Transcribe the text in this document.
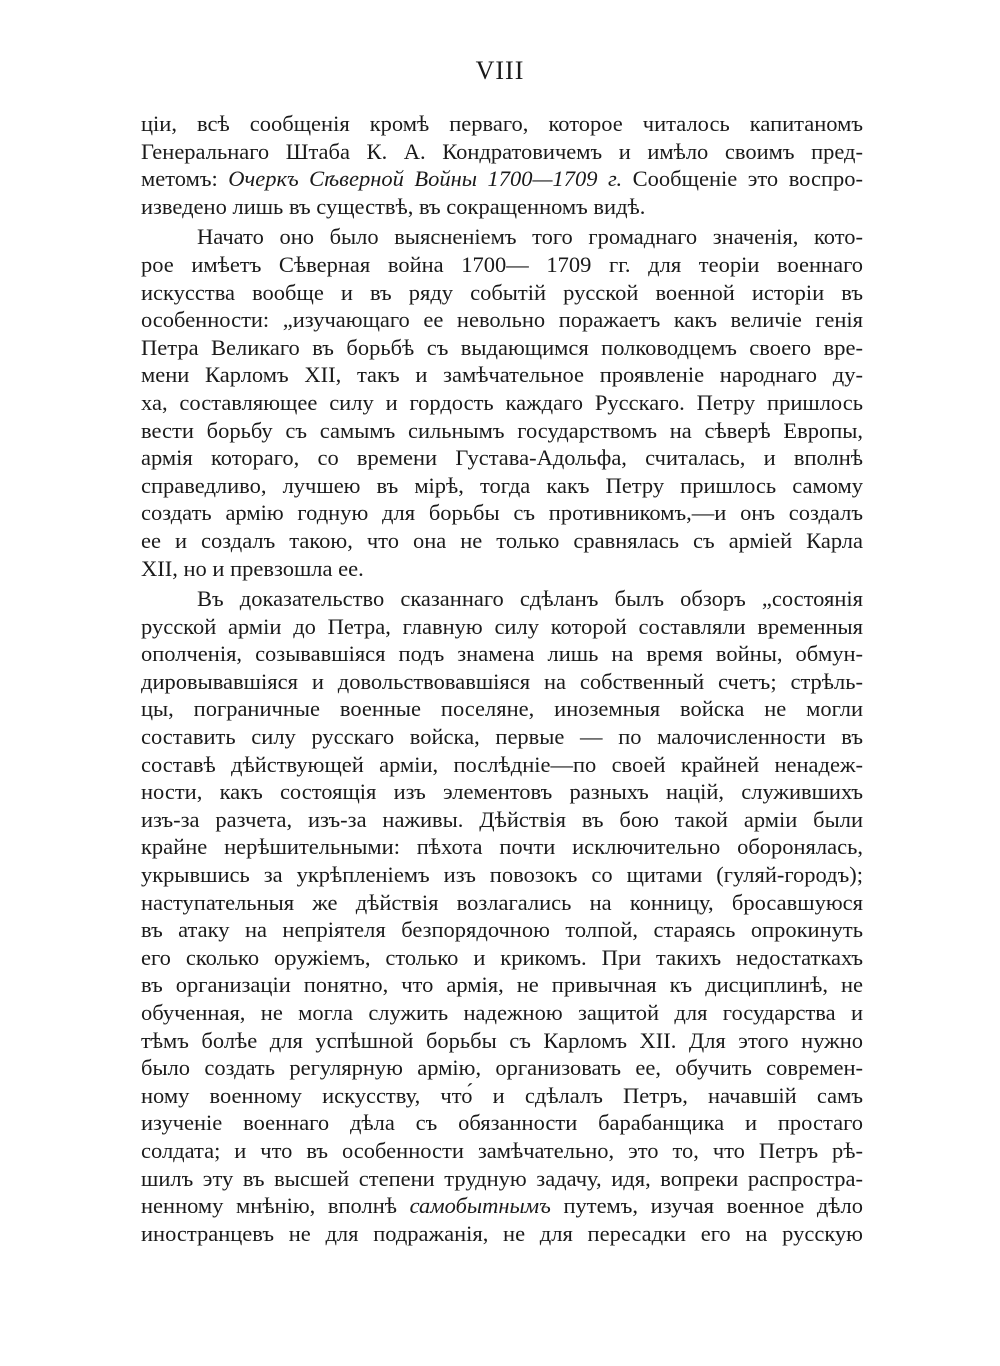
VIII
ціи, всѣ сообщенія кромѣ перваго, которое читалось капитаномъ
Генеральнаго Штаба К. А. Кондратовичемъ и имѣло своимъ пред-
метомъ: Очеркъ Сѣверной Войны 1700—1709 г. Сообщеніе это воспро-
изведено лишь въ существѣ, въ сокращенномъ видѣ.
Начато оно было выясненіемъ того громаднаго значенія, кото-
рое имѣетъ Сѣверная война 1700— 1709 гг. для теоріи военнаго
искусства вообще и въ ряду событій русской военной исторіи въ
особенности: „изучающаго ее невольно поражаетъ какъ величіе генія
Петра Великаго въ борьбѣ съ выдающимся полководцемъ своего вре-
мени Карломъ XII, такъ и замѣчательное проявленіе народнаго ду-
ха, составляющее силу и гордость каждаго Русскаго. Петру пришлось
вести борьбу съ самымъ сильнымъ государствомъ на сѣверѣ Европы,
армія котораго, со времени Густава-Адольфа, считалась, и вполнѣ
справедливо, лучшею въ мірѣ, тогда какъ Петру пришлось самому
создать армію годную для борьбы съ противникомъ,—и онъ создалъ
ее и создалъ такою, что она не только сравнялась съ арміей Карла
XII, но и превзошла ее.
Въ доказательство сказаннаго сдѣланъ былъ обзоръ „состоянія
русской арміи до Петра, главную силу которой составляли временныя
ополченія, созывавшіяся подъ знамена лишь на время войны, обмун-
дировывавшіяся и довольствовавшіяся на собственный счетъ; стрѣль-
цы, пограничные военные поселяне, иноземныя войска не могли
составить силу русскаго войска, первые — по малочисленности въ
составѣ дѣйствующей арміи, послѣдніе—по своей крайней ненадеж-
ности, какъ состоящія изъ элементовъ разныхъ націй, служившихъ
изъ-за разчета, изъ-за наживы. Дѣйствія въ бою такой арміи были
крайне нерѣшительными: пѣхота почти исключительно оборонялась,
укрывшись за укрѣпленіемъ изъ повозокъ со щитами (гуляй-городъ);
наступательныя же дѣйствія возлагались на конницу, бросавшуюся
въ атаку на непріятеля безпорядочною толпой, стараясь опрокинуть
его сколько оружіемъ, столько и крикомъ. При такихъ недостаткахъ
въ организаціи понятно, что армія, не привычная къ дисциплинѣ, не
обученная, не могла служить надежною защитой для государства и
тѣмъ болѣе для успѣшной борьбы съ Карломъ XII. Для этого нужно
было создать регулярную армію, организовать ее, обучить современ-
ному военному искусству, что́ и сдѣлалъ Петръ, начавшій самъ
изученіе военнаго дѣла съ обязанности барабанщика и простаго
солдата; и что въ особенности замѣчательно, это то, что Петръ рѣ-
шилъ эту въ высшей степени трудную задачу, идя, вопреки распростра-
ненному мнѣнію, вполнѣ самобытнымъ путемъ, изучая военное дѣло
иностранцевъ не для подражанія, не для пересадки его на русскую
